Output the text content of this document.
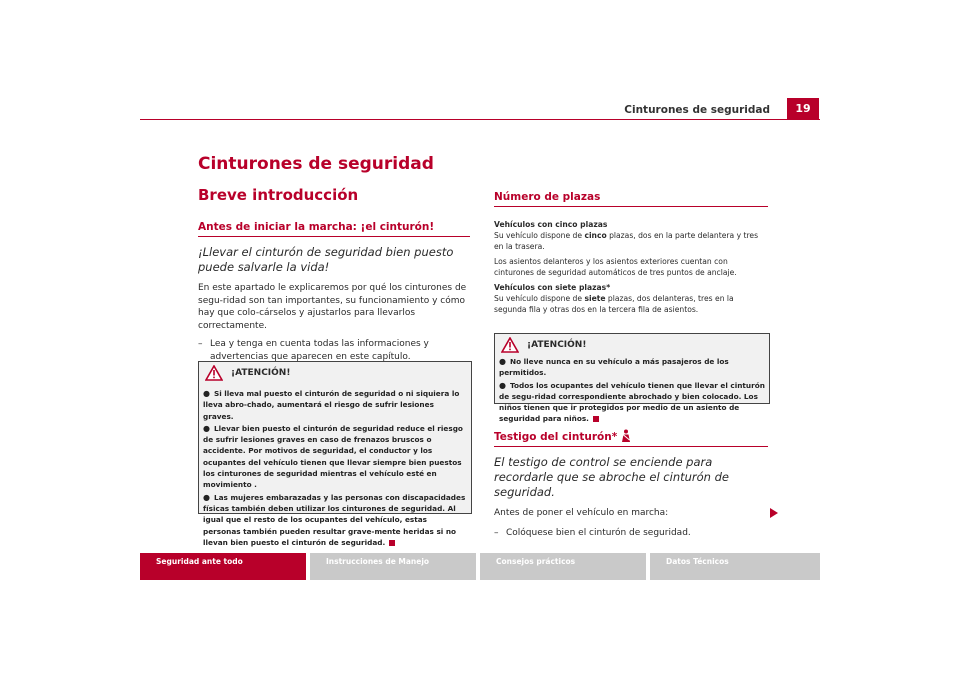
Cinturones de seguridad	19
Cinturones de seguridad
Breve introducción
Antes de iniciar la marcha: ¡el cinturón!
¡Llevar el cinturón de seguridad bien puesto puede salvarle la vida!
En este apartado le explicaremos por qué los cinturones de segu-ridad son tan importantes, su funcionamiento y cómo hay que colo-cárselos y ajustarlos para llevarlos correctamente.
– Lea y tenga en cuenta todas las informaciones y advertencias que aparecen en este capítulo.
¡ATENCIÓN!
● Si lleva mal puesto el cinturón de seguridad o ni siquiera lo lleva abro-chado, aumentará el riesgo de sufrir lesiones graves.
● Llevar bien puesto el cinturón de seguridad reduce el riesgo de sufrir lesiones graves en caso de frenazos bruscos o accidente. Por motivos de seguridad, el conductor y los ocupantes del vehículo tienen que llevar siempre bien puestos los cinturones de seguridad mientras el vehículo esté en movimiento .
● Las mujeres embarazadas y las personas con discapacidades físicas también deben utilizar los cinturones de seguridad. Al igual que el resto de los ocupantes del vehículo, estas personas también pueden resultar grave-mente heridas si no llevan bien puesto el cinturón de seguridad.
Número de plazas
Vehículos con cinco plazas
Su vehículo dispone de cinco plazas, dos en la parte delantera y tres en la trasera.
Los asientos delanteros y los asientos exteriores cuentan con cinturones de seguridad automáticos de tres puntos de anclaje.
Vehículos con siete plazas*
Su vehículo dispone de siete plazas, dos delanteras, tres en la segunda fila y otras dos en la tercera fila de asientos.
¡ATENCIÓN!
● No lleve nunca en su vehículo a más pasajeros de los permitidos.
● Todos los ocupantes del vehículo tienen que llevar el cinturón de segu-ridad correspondiente abrochado y bien colocado. Los niños tienen que ir protegidos por medio de un asiento de seguridad para niños.
Testigo del cinturón*
El testigo de control se enciende para recordarle que se abroche el cinturón de seguridad.
Antes de poner el vehículo en marcha:
– Colóquese bien el cinturón de seguridad.
Seguridad ante todo	Instrucciones de Manejo	Consejos prácticos	Datos Técnicos
